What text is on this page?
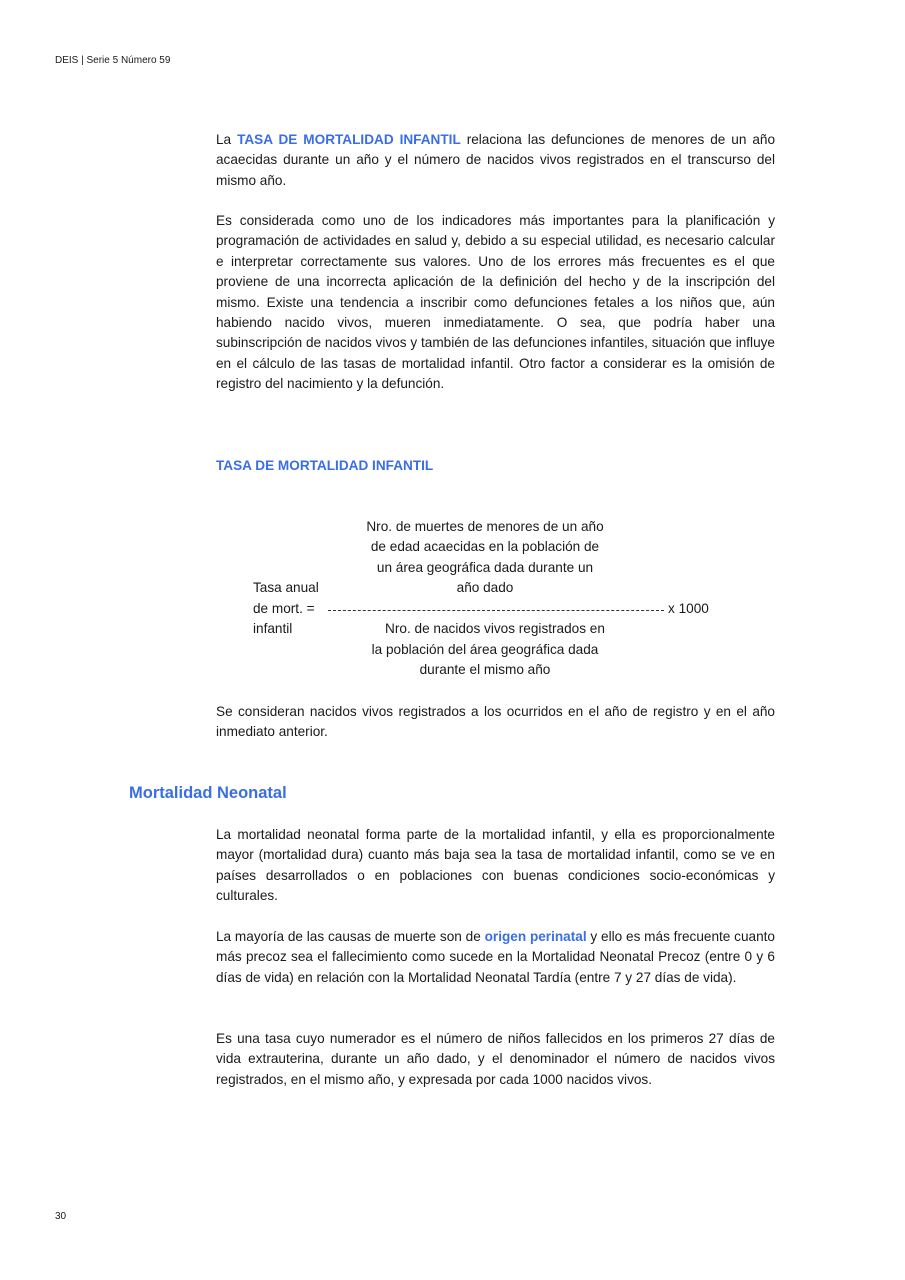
DEIS | Serie 5 Número 59
La TASA DE MORTALIDAD INFANTIL relaciona las defunciones de menores de un año acaecidas durante un año y el número de nacidos vivos registrados en el transcurso del mismo año.
Es considerada como uno de los indicadores más importantes para la planificación y programación de actividades en salud y, debido a su especial utilidad, es necesario calcular e interpretar correctamente sus valores. Uno de los errores más frecuentes es el que proviene de una incorrecta aplicación de la definición del hecho y de la inscripción del mismo. Existe una tendencia a inscribir como defunciones fetales a los niños que, aún habiendo nacido vivos, mueren inmediatamente. O sea, que podría haber una subinscripción de nacidos vivos y también de las defunciones infantiles, situación que influye en el cálculo de las tasas de mortalidad infantil. Otro factor a considerar es la omisión de registro del nacimiento y la defunción.
TASA DE MORTALIDAD INFANTIL
Nro. de muertes de menores de un año
de edad acaecidas en la población de
un área geográfica dada durante un
año dado
Tasa anual
de mort. =	x 1000
infantil	Nro. de nacidos vivos registrados en
la población del área geográfica dada
durante el mismo año
Se consideran nacidos vivos registrados a los ocurridos en el año de registro y en el año inmediato anterior.
Mortalidad Neonatal
La mortalidad neonatal forma parte de la mortalidad infantil, y ella es proporcionalmente mayor (mortalidad dura) cuanto más baja sea la tasa de mortalidad infantil, como se ve en países desarrollados o en poblaciones con buenas condiciones socio-económicas y culturales.
La mayoría de las causas de muerte son de origen perinatal y ello es más frecuente cuanto más precoz sea el fallecimiento como sucede en la Mortalidad Neonatal Precoz (entre 0 y 6 días de vida) en relación con la Mortalidad Neonatal Tardía (entre 7 y 27 días de vida).
Es una tasa cuyo numerador es el número de niños fallecidos en los primeros 27 días de vida extrauterina, durante un año dado, y el denominador el número de nacidos vivos registrados, en el mismo año, y expresada por cada 1000 nacidos vivos.
30
